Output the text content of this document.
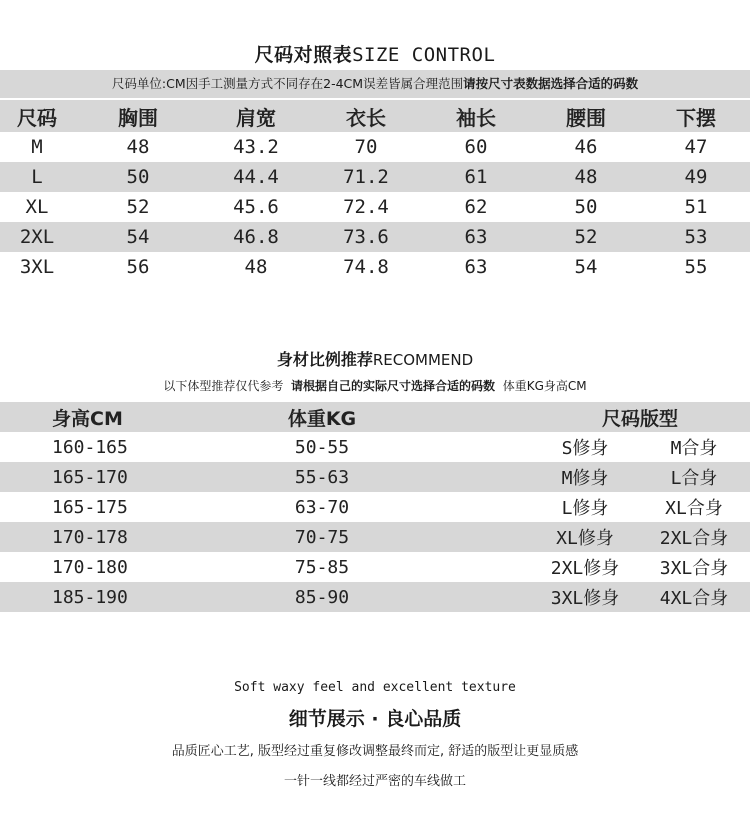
尺码对照表SIZE CONTROL
尺码单位:CM因手工测量方式不同存在2-4CM误差皆属合理范围请按尺寸表数据选择合适的码数
尺码	胸围	肩宽	衣长	袖长	腰围	下摆
M	48	43.2	70	60	46	47
L	50	44.4	71.2	61	48	49
XL	52	45.6	72.4	62	50	51
2XL	54	46.8	73.6	63	52	53
3XL	56	48	74.8	63	54	55
身材比例推荐RECOMMEND
以下体型推荐仅代参考 请根据自己的实际尺寸选择合适的码数 体重KG身高CM
身高CM	体重KG	尺码版型
160-165	50-55	S修身	M合身
165-170	55-63	M修身	L合身
165-175	63-70	L修身	XL合身
170-178	70-75	XL修身	2XL合身
170-180	75-85	2XL修身	3XL合身
185-190	85-90	3XL修身	4XL合身
Soft waxy feel and excellent texture
细节展示 · 良心品质
品质匠心工艺, 版型经过重复修改调整最终而定, 舒适的版型让更显质感
一针一线都经过严密的车线做工
